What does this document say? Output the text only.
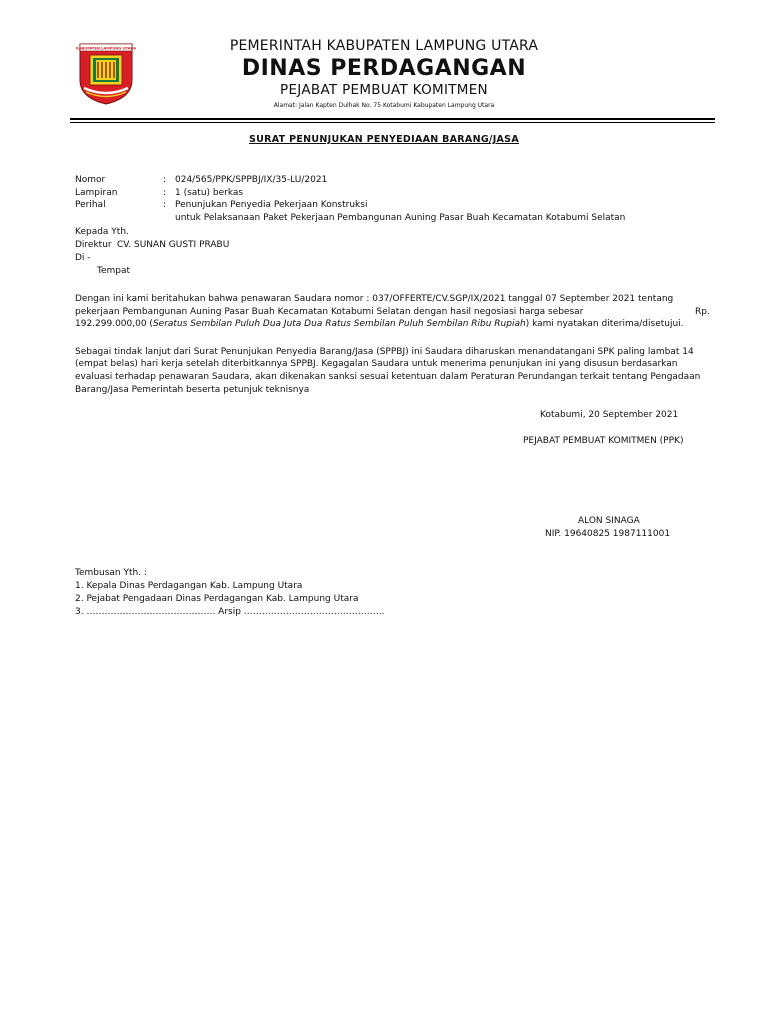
KABUPATEN LAMPUNG UTARA	PEMERINTAH KABUPATEN LAMPUNG UTARA
DINAS PERDAGANGAN
PEJABAT PEMBUAT KOMITMEN
Alamat: Jalan Kapten Dulhak No. 75 Kotabumi Kabupaten Lampung Utara
SURAT PENUNJUKAN PENYEDIAAN BARANG/JASA
Nomor	: 024/565/PPK/SPPBJ/IX/35-LU/2021
Lampiran	: 1 (satu) berkas
Perihal	: Penunjukan Penyedia Pekerjaan Konstruksi
untuk Pelaksanaan Paket Pekerjaan Pembangunan Auning Pasar Buah Kecamatan Kotabumi Selatan
Kepada Yth.
Direktur CV. SUNAN GUSTI PRABU
Di -
Tempat
Dengan ini kami beritahukan bahwa penawaran Saudara nomor : 037/OFFERTE/CV.SGP/IX/2021 tanggal 07 September 2021 tentang
pekerjaan Pembangunan Auning Pasar Buah Kecamatan Kotabumi Selatan dengan hasil negosiasi harga sebesar	Rp.
192.299.000,00 (Seratus Sembilan Puluh Dua Juta Dua Ratus Sembilan Puluh Sembilan Ribu Rupiah) kami nyatakan diterima/disetujui.
Sebagai tindak lanjut dari Surat Penunjukan Penyedia Barang/Jasa (SPPBJ) ini Saudara diharuskan menandatangani SPK paling lambat 14
(empat belas) hari kerja setelah diterbitkannya SPPBJ. Kegagalan Saudara untuk menerima penunjukan ini yang disusun berdasarkan
evaluasi terhadap penawaran Saudara, akan dikenakan sanksi sesuai ketentuan dalam Peraturan Perundangan terkait tentang Pengadaan
Barang/Jasa Pemerintah beserta petunjuk teknisnya
Kotabumi, 20 September 2021
PEJABAT PEMBUAT KOMITMEN (PPK)
ALON SINAGA
NIP. 19640825 1987111001
Tembusan Yth. :
1. Kepala Dinas Perdagangan Kab. Lampung Utara
2. Pejabat Pengadaan Dinas Perdagangan Kab. Lampung Utara
3. ……………………………………. Arsip ………………………………………..
